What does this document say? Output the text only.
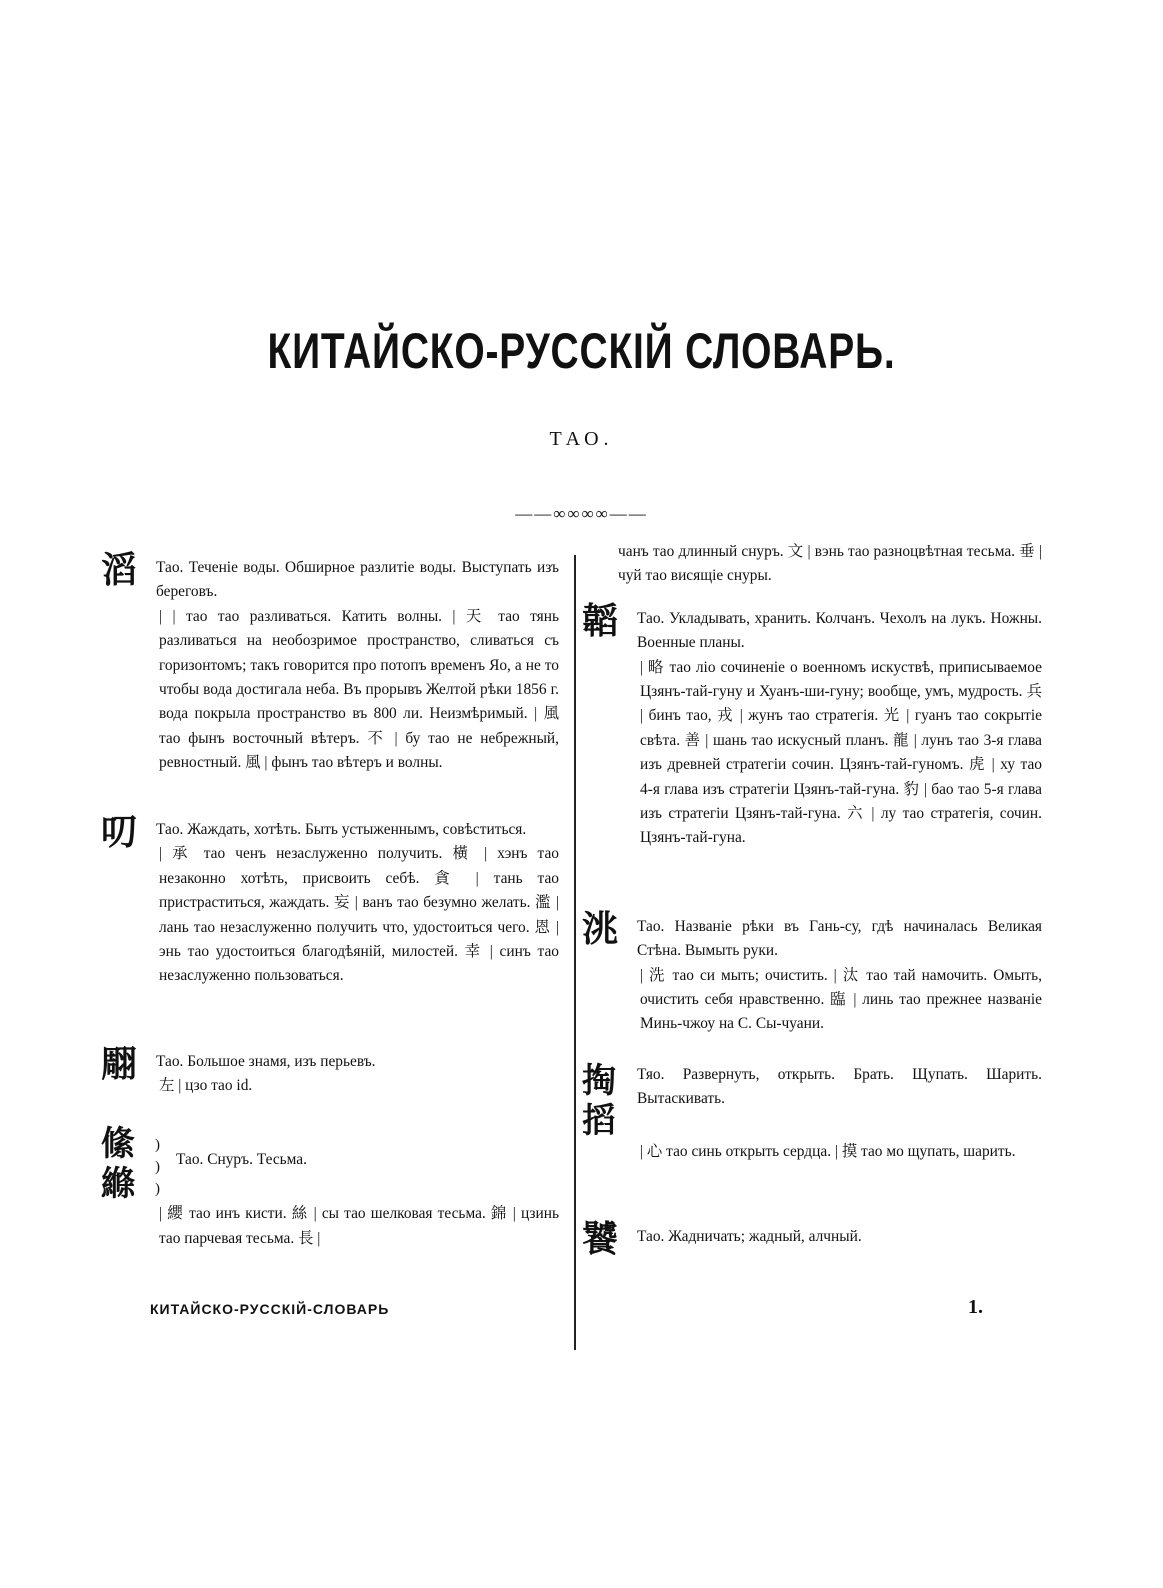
КИТАЙСКО-РУССКІЙ СЛОВАРЬ.
ТАО.
——∞∞∞∞——
滔	Тао. Теченіе воды. Обширное разлитіе воды. Выступать изъ береговъ.
| | тао тао разливаться. Катить волны. | 天 тао тянь разливаться на необозримое пространство, сливаться съ горизонтомъ; такъ говорится про потопъ временъ Яо, а не то чтобы вода достигала неба. Въ прорывъ Желтой рѣки 1856 г. вода покрыла пространство въ 800 ли. Неизмѣримый. | 風 тао фынъ восточный вѣтеръ. 不 | бу тао не небрежный, ревностный. 風 | фынъ тао вѣтеръ и волны.
叨	Тао. Жаждать, хотѣть. Быть устыженнымъ, совѣститься.
| 承 тао ченъ незаслуженно получить. 橫 | хэнъ тао незаконно хотѣть, присвоить себѣ. 貪 | тань тао пристраститься, жаждать. 妄 | ванъ тао безумно желать. 濫 | лань тао незаслуженно получить что, удостоиться чего. 恩 | энь тао удостоиться благодѣяній, милостей. 幸 | синъ тао незаслуженно пользоваться.
翢	Тао. Большое знамя, изъ перьевъ.
左 | цзо тао id.
絛
縧
)
)
)
Тао. Снуръ. Тесьма.
| 纓 тао инъ кисти. 絲 | сы тао шелковая тесьма. 錦 | цзинь тао парчевая тесьма. 長 |
чанъ тао длинный снуръ. 文 | вэнь тао разноцвѣтная тесьма. 垂 | чуй тао висящіе снуры.
韜	Тао. Укладывать, хранить. Колчанъ. Чехолъ на лукъ. Ножны. Военные планы.
| 略 тао ліо сочиненіе о военномъ искуствѣ, приписываемое Цзянъ-тай-гуну и Хуанъ-ши-гуну; вообще, умъ, мудрость. 兵 | бинъ тао, 戎 | жунъ тао стратегія. 光 | гуанъ тао сокрытіе свѣта. 善 | шань тао искусный планъ. 龍 | лунъ тао 3-я глава изъ древней стратегіи сочин. Цзянъ-тай-гуномъ. 虎 | ху тао 4-я глава изъ стратегіи Цзянъ-тай-гуна. 豹 | бао тао 5-я глава изъ стратегіи Цзянъ-тай-гуна. 六 | лу тао стратегія, сочин. Цзянъ-тай-гуна.
洮	Тао. Названіе рѣки въ Гань-су, гдѣ начиналась Великая Стѣна. Вымыть руки.
| 洗 тао си мыть; очистить. | 汰 тао тай намочить. Омыть, очистить себя нравственно. 臨 | линь тао прежнее названіе Минь-чжоу на С. Сы-чуани.
掏
搯
Тяо. Развернуть, открыть. Брать. Щупать. Шарить. Вытаскивать.
| 心 тао синь открыть сердца. | 摸 тао мо щупать, шарить.
饕	Тао. Жадничать; жадный, алчный.
КИТАЙСКО-РУССКІЙ-СЛОВАРЬ	1.
